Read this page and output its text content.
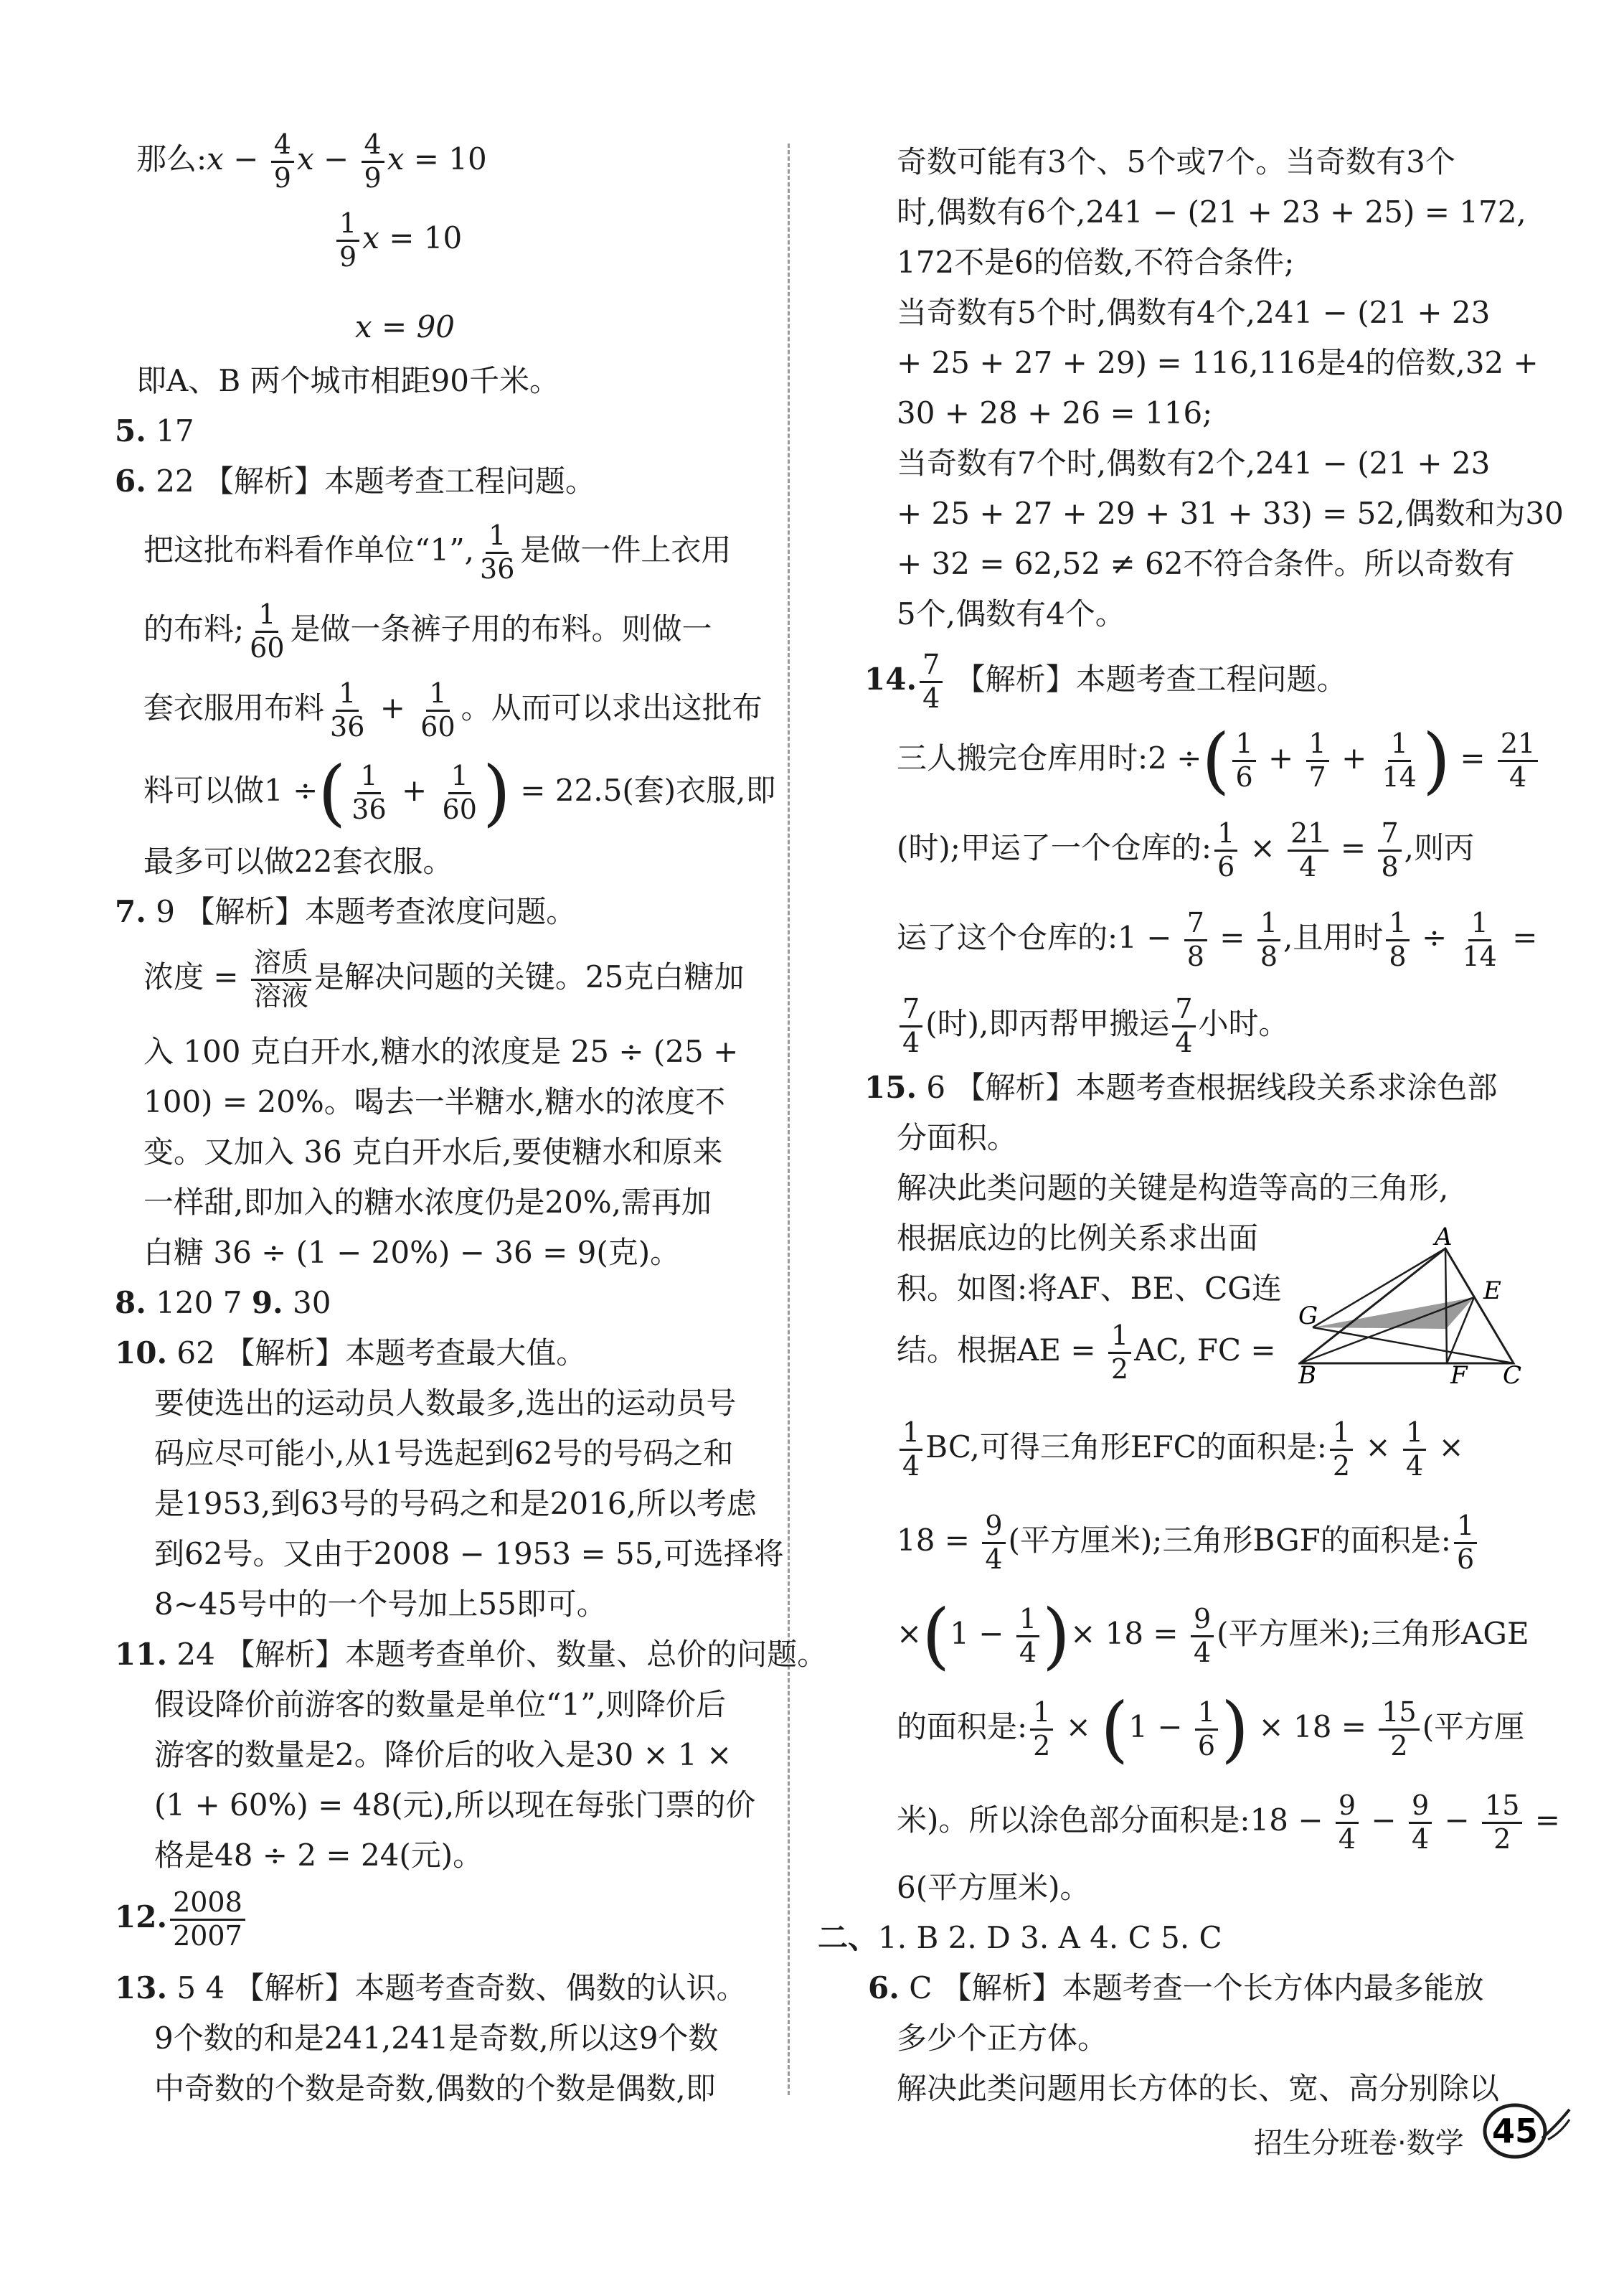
那么:x − $\frac{4}{9}$ $x - \frac{4}{9}$ x = 10
$\frac{1}{9}$ x = 10
x = 90
即A、B 两个城市相距90千米。
5. 17
6. 22 【解析】本题考查工程问题。
把这批布料看作单位“1”, $\frac{1}{36}$ 是做一件上衣用
的布料; $\frac{1}{60}$ 是做一条裤子用的布料。则做一
套衣服用布料 $\frac{1}{36} + \frac{1}{60}$ 。从而可以求出这批布
料可以做1 ÷( $\frac{1}{36} + \frac{1}{60}$ ) = 22.5(套)衣服,即
最多可以做22套衣服。
7. 9 【解析】本题考查浓度问题。
浓度 = $\frac{\text{溶质}}{\text{溶液}}$ 是解决问题的关键。25克白糖加
入 100 克白开水,糖水的浓度是 25 ÷ (25 +
100) = 20%。喝去一半糖水,糖水的浓度不
变。又加入 36 克白开水后,要使糖水和原来
一样甜,即加入的糖水浓度仍是20%,需再加
白糖 36 ÷ (1 − 20%) − 36 = 9(克)。
8. 120 7 9. 30
10. 62 【解析】本题考查最大值。
要使选出的运动员人数最多,选出的运动员号
码应尽可能小,从1号选起到62号的号码之和
是1953,到63号的号码之和是2016,所以考虑
到62号。又由于2008 − 1953 = 55,可选择将
8~45号中的一个号加上55即可。
11. 24 【解析】本题考查单价、数量、总价的问题。
假设降价前游客的数量是单位“1”,则降价后
游客的数量是2。降价后的收入是30 × 1 ×
(1 + 60%) = 48(元),所以现在每张门票的价
格是48 ÷ 2 = 24(元)。
12. $\frac{2008}{2007}$
13. 5 4 【解析】本题考查奇数、偶数的认识。
9个数的和是241,241是奇数,所以这9个数
中奇数的个数是奇数,偶数的个数是偶数,即
奇数可能有3个、5个或7个。当奇数有3个
时,偶数有6个,241 − (21 + 23 + 25) = 172,
172不是6的倍数,不符合条件;
当奇数有5个时,偶数有4个,241 − (21 + 23
+ 25 + 27 + 29) = 116,116是4的倍数,32 +
30 + 28 + 26 = 116;
当奇数有7个时,偶数有2个,241 − (21 + 23
+ 25 + 27 + 29 + 31 + 33) = 52,偶数和为30
+ 32 = 62,52 ≠ 62不符合条件。所以奇数有
5个,偶数有4个。
14. $\frac{7}{4}$ 【解析】本题考查工程问题。
三人搬完仓库用时:2 ÷( $\frac{1}{6} + \frac{1}{7} + \frac{1}{14}$ ) = $\frac{21}{4}$
(时);甲运了一个仓库的: $\frac{1}{6} \times \frac{21}{4} = \frac{7}{8}$ ,则丙
运了这个仓库的:1 − $\frac{7}{8} = \frac{1}{8}$ ,且用时 $\frac{1}{8} \div \frac{1}{14}$ =
$\frac{7}{4}$ (时),即丙帮甲搬运 $\frac{7}{4}$ 小时。
15. 6 【解析】本题考查根据线段关系求涂色部
分面积。
解决此类问题的关键是构造等高的三角形,
根据底边的比例关系求出面
积。如图:将AF、BE、CG连
结。根据AE = $\frac{1}{2}$ AC, FC =
$\frac{1}{4}$ BC,可得三角形EFC的面积是: $\frac{1}{2} \times \frac{1}{4}$ ×
$18 = \frac{9}{4}$ (平方厘米);三角形BGF的面积是: $\frac{1}{6}$
$\times(1 - \frac{1}{4}$ )× $18 = \frac{9}{4}$ (平方厘米);三角形AGE
的面积是: $\frac{1}{2} \times (1 - \frac{1}{6}$ ) × $18 = \frac{15}{2}$ (平方厘
米)。所以涂色部分面积是:18 − $\frac{9}{4} - \frac{9}{4} - \frac{15}{2}$ =
6(平方厘米)。
二、1. B 2. D 3. A 4. C 5. C
6. C 【解析】本题考查一个长方体内最多能放
多少个正方体。
解决此类问题用长方体的长、宽、高分别除以
A
E
G
B	F C
招生分班卷·数学 45
